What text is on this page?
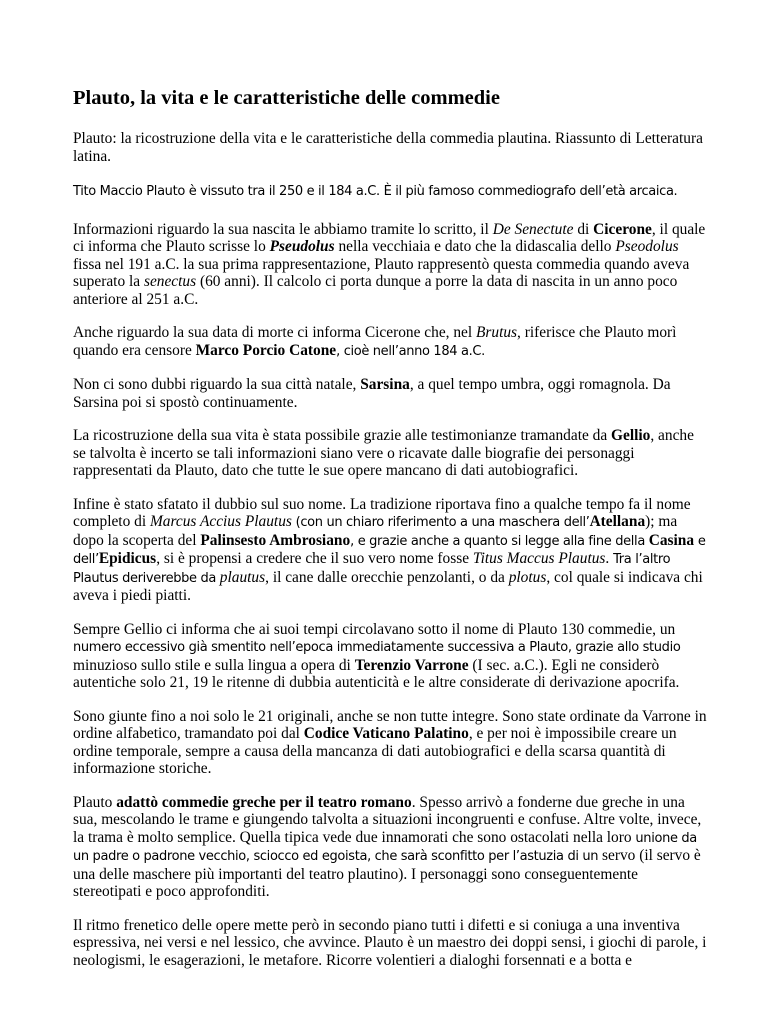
Plauto, la vita e le caratteristiche delle commedie

Plauto: la ricostruzione della vita e le caratteristiche della commedia plautina. Riassunto di Letteratura latina.

Tito Maccio Plauto è vissuto tra il 250 e il 184 a.C. È il più famoso commediografo dell’età arcaica.

Informazioni riguardo la sua nascita le abbiamo tramite lo scritto, il De Senectute di Cicerone, il quale ci informa che Plauto scrisse lo Pseudolus nella vecchiaia e dato che la didascalia dello Pseodolus fissa nel 191 a.C. la sua prima rappresentazione, Plauto rappresentò questa commedia quando aveva superato la senectus (60 anni). Il calcolo ci porta dunque a porre la data di nascita in un anno poco anteriore al 251 a.C.

Anche riguardo la sua data di morte ci informa Cicerone che, nel Brutus, riferisce che Plauto morì quando era censore Marco Porcio Catone, cioè nell’anno 184 a.C.

Non ci sono dubbi riguardo la sua città natale, Sarsina, a quel tempo umbra, oggi romagnola. Da Sarsina poi si spostò continuamente.

La ricostruzione della sua vita è stata possibile grazie alle testimonianze tramandate da Gellio, anche se talvolta è incerto se tali informazioni siano vere o ricavate dalle biografie dei personaggi rappresentati da Plauto, dato che tutte le sue opere mancano di dati autobiografici.

Infine è stato sfatato il dubbio sul suo nome. La tradizione riportava fino a qualche tempo fa il nome completo di Marcus Accius Plautus (con un chiaro riferimento a una maschera dell’Atellana); ma dopo la scoperta del Palinsesto Ambrosiano, e grazie anche a quanto si legge alla fine della Casina e dell’Epidicus, si è propensi a credere che il suo vero nome fosse Titus Maccus Plautus. Tra l’altro Plautus deriverebbe da plautus, il cane dalle orecchie penzolanti, o da plotus, col quale si indicava chi aveva i piedi piatti.

Sempre Gellio ci informa che ai suoi tempi circolavano sotto il nome di Plauto 130 commedie, un numero eccessivo già smentito nell’epoca immediatamente successiva a Plauto, grazie allo studio minuzioso sullo stile e sulla lingua a opera di Terenzio Varrone (I sec. a.C.). Egli ne considerò autentiche solo 21, 19 le ritenne di dubbia autenticità e le altre considerate di derivazione apocrifa.

Sono giunte fino a noi solo le 21 originali, anche se non tutte integre. Sono state ordinate da Varrone in ordine alfabetico, tramandato poi dal Codice Vaticano Palatino, e per noi è impossibile creare un ordine temporale, sempre a causa della mancanza di dati autobiografici e della scarsa quantità di informazione storiche.

Plauto adattò commedie greche per il teatro romano. Spesso arrivò a fonderne due greche in una sua, mescolando le trame e giungendo talvolta a situazioni incongruenti e confuse. Altre volte, invece, la trama è molto semplice. Quella tipica vede due innamorati che sono ostacolati nella loro unione da un padre o padrone vecchio, sciocco ed egoista, che sarà sconfitto per l’astuzia di un servo (il servo è una delle maschere più importanti del teatro plautino). I personaggi sono conseguentemente stereotipati e poco approfonditi.

Il ritmo frenetico delle opere mette però in secondo piano tutti i difetti e si coniuga a una inventiva espressiva, nei versi e nel lessico, che avvince. Plauto è un maestro dei doppi sensi, i giochi di parole, i neologismi, le esagerazioni, le metafore. Ricorre volentieri a dialoghi forsennati e a botta e
